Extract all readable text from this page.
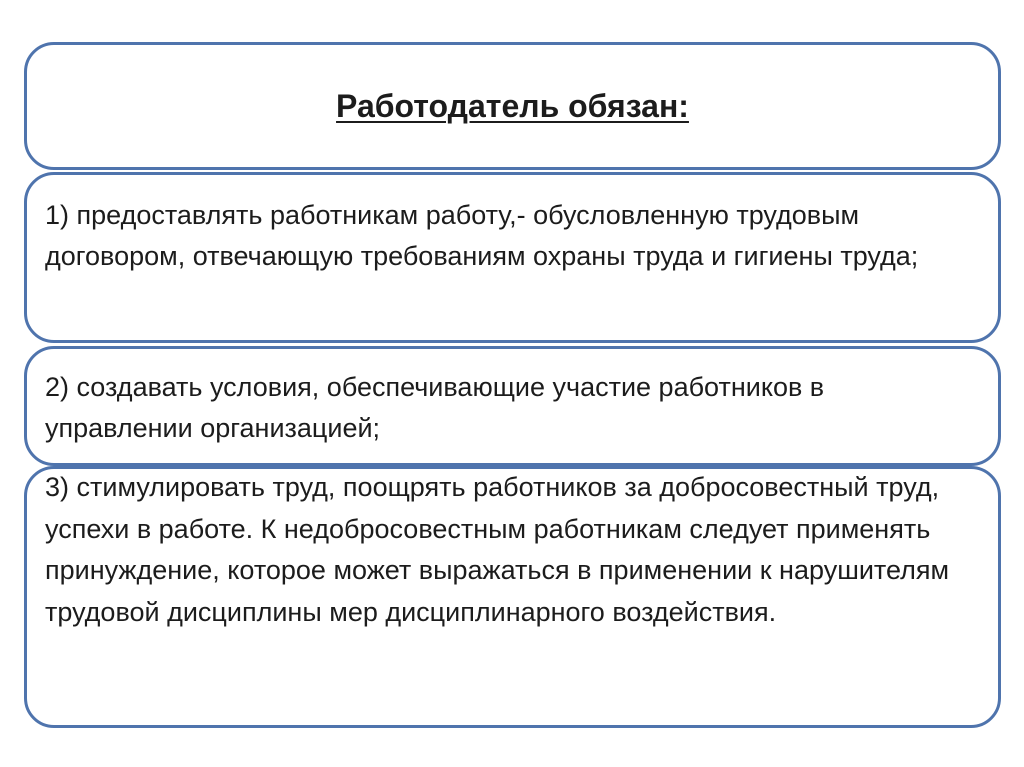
Работодатель обязан:
1) предоставлять работникам работу,- обусловленную трудовым договором, отвечающую требованиям охраны труда и гигиены труда;
2) создавать условия, обеспечивающие участие работников в управлении организацией;
3) стимулировать труд, поощрять работников за добросовестный труд, успехи в работе. К недобросовестным работникам следует применять принуждение, которое может выражаться в применении к нарушителям трудовой дисциплины мер дисциплинарного воздействия.
